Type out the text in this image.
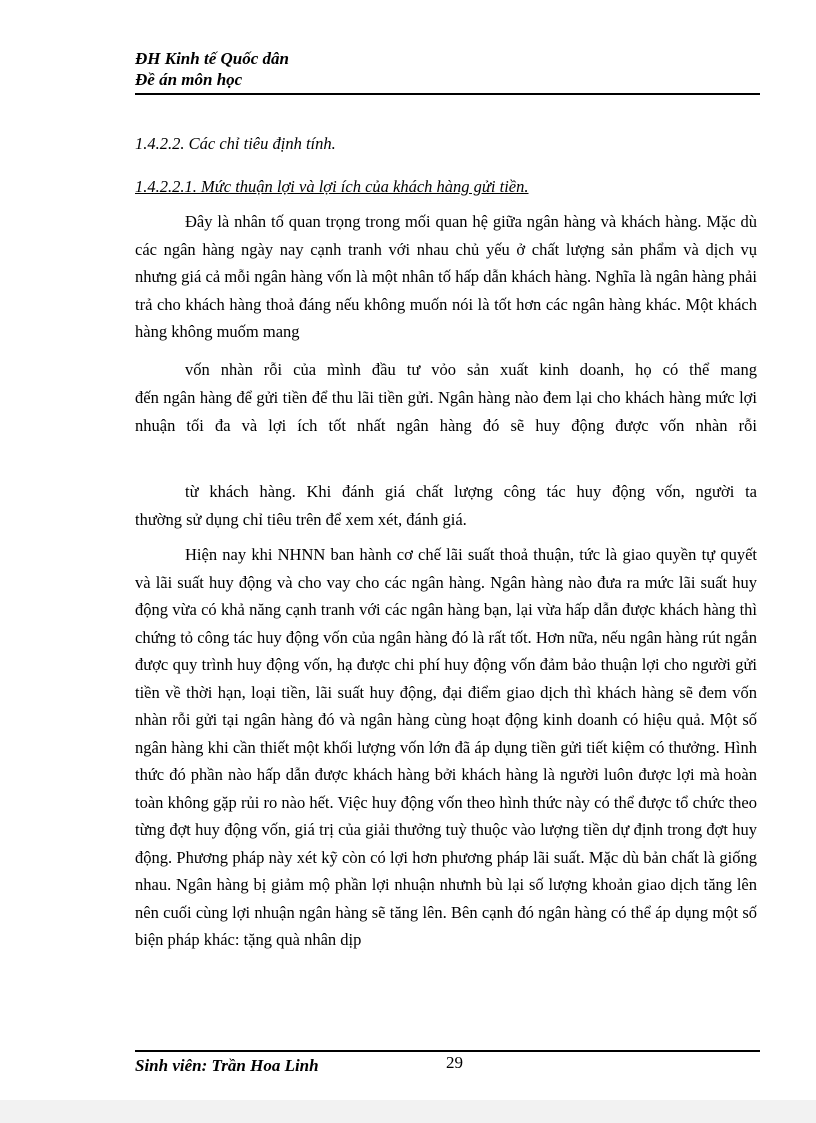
ĐH Kinh tế Quốc dân
Đề án môn học
1.4.2.2. Các chỉ tiêu định tính.
1.4.2.2.1. Mức thuận lợi và lợi ích của khách hàng gửi tiền.
Đây là nhân tố quan trọng trong mối quan hệ giữa ngân hàng và khách hàng. Mặc dù các ngân hàng ngày nay cạnh tranh với nhau chủ yếu ở chất lượng sản phẩm và dịch vụ nhưng giá cả mỗi ngân hàng vốn là một nhân tố hấp dẫn khách hàng. Nghĩa là ngân hàng phải trả cho khách hàng thoả đáng nếu không muốn nói là tốt hơn các ngân hàng khác. Một khách hàng không muốm mang
vốn nhàn rỗi của mình đầu tư vỏo sản xuất kinh doanh, họ có thể mang
đến ngân hàng để gửi tiền để thu lãi tiền gửi. Ngân hàng nào đem lại cho khách hàng mức lợi nhuận tối đa và lợi ích tốt nhất ngân hàng đó sẽ huy động được vốn nhàn rỗi
từ khách hàng. Khi đánh giá chất lượng công tác huy động vốn, người ta
thường sử dụng chỉ tiêu trên để xem xét, đánh giá.
Hiện nay khi NHNN ban hành cơ chế lãi suất thoả thuận, tức là giao quyền tự quyết và lãi suất huy động và cho vay cho các ngân hàng. Ngân hàng nào đưa ra mức lãi suất huy động vừa có khả năng cạnh tranh với các ngân hàng bạn, lại vừa hấp dẫn được khách hàng thì chứng tỏ công tác huy động vốn của ngân hàng đó là rất tốt. Hơn nữa, nếu ngân hàng rút ngắn được quy trình huy động vốn, hạ được chi phí huy động vốn đảm bảo thuận lợi cho người gửi tiền về thời hạn, loại tiền, lãi suất huy động, đại điểm giao dịch thì khách hàng sẽ đem vốn nhàn rỗi gửi tại ngân hàng đó và ngân hàng cùng hoạt động kinh doanh có hiệu quả. Một số ngân hàng khi cần thiết một khối lượng vốn lớn đã áp dụng tiền gửi tiết kiệm có thưởng. Hình thức đó phần nào hấp dẫn được khách hàng bởi khách hàng là người luôn được lợi mà hoàn toàn không gặp rủi ro nào hết. Việc huy động vốn theo hình thức này có thể được tổ chức theo từng đợt huy động vốn, giá trị của giải thưởng tuỳ thuộc vào lượng tiền dự định trong đợt huy động. Phương pháp này xét kỹ còn có lợi hơn phương pháp lãi suất. Mặc dù bản chất là giống nhau. Ngân hàng bị giảm mộ phần lợi nhuận nhưnh bù lại số lượng khoản giao dịch tăng lên nên cuối cùng lợi nhuận ngân hàng sẽ tăng lên. Bên cạnh đó ngân hàng có thể áp dụng một số biện pháp khác: tặng quà nhân dịp
Sinh viên: Trần Hoa Linh	29
